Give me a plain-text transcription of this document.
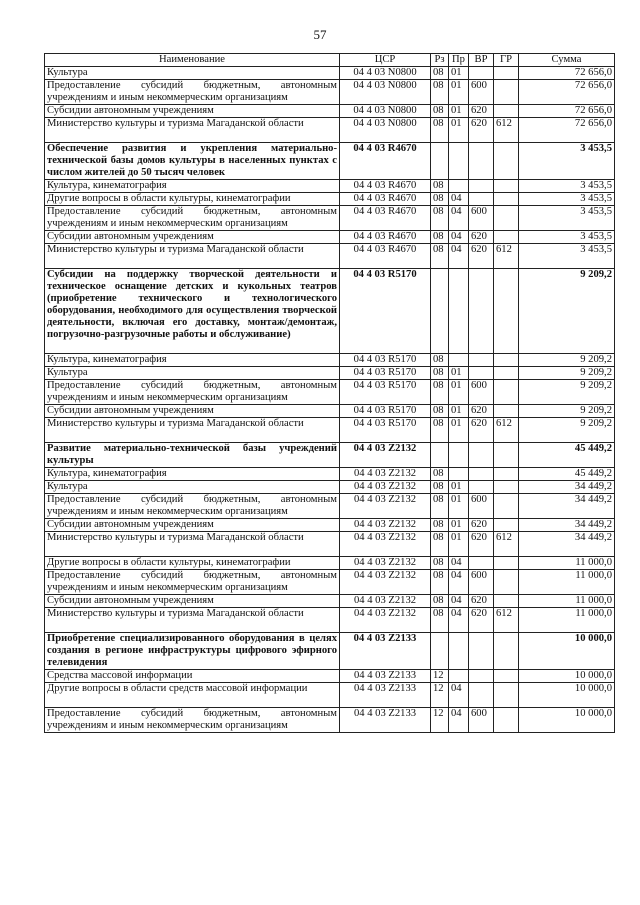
57
Наименование	ЦСР	Рз	Пр	ВР	ГР	Сумма
Культура	04 4 03 N0800	08	01			72 656,0
Предоставление субсидий бюджетным, автономным учреждениям и иным некоммерческим организациям	04 4 03 N0800	08	01	600		72 656,0
Субсидии автономным учреждениям	04 4 03 N0800	08	01	620		72 656,0
Министерство культуры и туризма Магаданской области	04 4 03 N0800	08	01	620	612	72 656,0
Обеспечение развития и укрепления материально-технической базы домов культуры в населенных пунктах с числом жителей до 50 тысяч человек	04 4 03 R4670					3 453,5
Культура, кинематография	04 4 03 R4670	08				3 453,5
Другие вопросы в области культуры, кинематографии	04 4 03 R4670	08	04			3 453,5
Предоставление субсидий бюджетным, автономным учреждениям и иным некоммерческим организациям	04 4 03 R4670	08	04	600		3 453,5
Субсидии автономным учреждениям	04 4 03 R4670	08	04	620		3 453,5
Министерство культуры и туризма Магаданской области	04 4 03 R4670	08	04	620	612	3 453,5
Субсидии на поддержку творческой деятельности и техническое оснащение детских и кукольных театров (приобретение технического и технологического оборудования, необходимого для осуществления творческой деятельности, включая его доставку, монтаж/демонтаж, погрузочно-разгрузочные работы и обслуживание)	04 4 03 R5170					9 209,2
Культура, кинематография	04 4 03 R5170	08				9 209,2
Культура	04 4 03 R5170	08	01			9 209,2
Предоставление субсидий бюджетным, автономным учреждениям и иным некоммерческим организациям	04 4 03 R5170	08	01	600		9 209,2
Субсидии автономным учреждениям	04 4 03 R5170	08	01	620		9 209,2
Министерство культуры и туризма Магаданской области	04 4 03 R5170	08	01	620	612	9 209,2
Развитие материально-технической базы учреждений культуры	04 4 03 Z2132					45 449,2
Культура, кинематография	04 4 03 Z2132	08				45 449,2
Культура	04 4 03 Z2132	08	01			34 449,2
Предоставление субсидий бюджетным, автономным учреждениям и иным некоммерческим организациям	04 4 03 Z2132	08	01	600		34 449,2
Субсидии автономным учреждениям	04 4 03 Z2132	08	01	620		34 449,2
Министерство культуры и туризма Магаданской области	04 4 03 Z2132	08	01	620	612	34 449,2
Другие вопросы в области культуры, кинематографии	04 4 03 Z2132	08	04			11 000,0
Предоставление субсидий бюджетным, автономным учреждениям и иным некоммерческим организациям	04 4 03 Z2132	08	04	600		11 000,0
Субсидии автономным учреждениям	04 4 03 Z2132	08	04	620		11 000,0
Министерство культуры и туризма Магаданской области	04 4 03 Z2132	08	04	620	612	11 000,0
Приобретение специализированного оборудования в целях создания в регионе инфраструктуры цифрового эфирного телевидения	04 4 03 Z2133					10 000,0
Средства массовой информации	04 4 03 Z2133	12				10 000,0
Другие вопросы в области средств массовой информации	04 4 03 Z2133	12	04			10 000,0
Предоставление субсидий бюджетным, автономным учреждениям и иным некоммерческим организациям	04 4 03 Z2133	12	04	600		10 000,0
